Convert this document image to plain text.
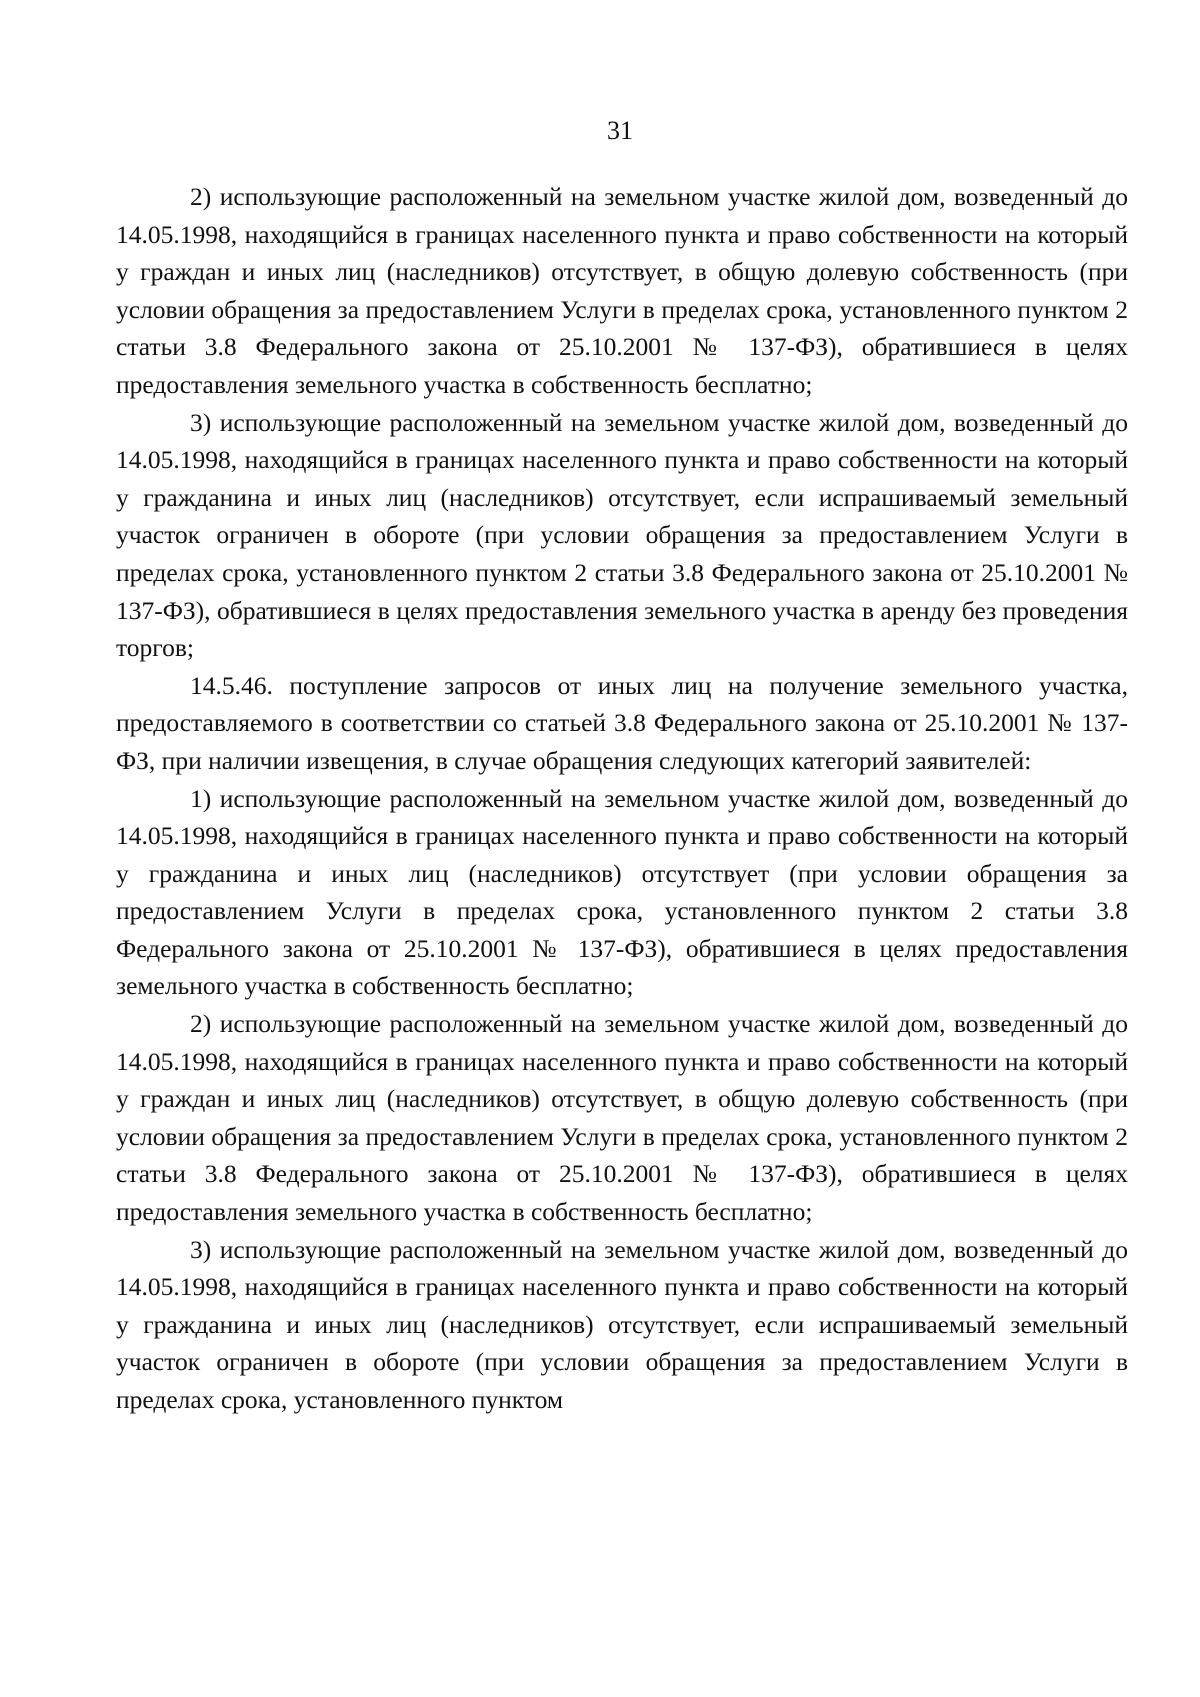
31

2) использующие расположенный на земельном участке жилой дом, возведенный до 14.05.1998, находящийся в границах населенного пункта и право собственности на который у граждан и иных лиц (наследников) отсутствует, в общую долевую собственность (при условии обращения за предоставлением Услуги в пределах срока, установленного пунктом 2 статьи 3.8 Федерального закона от 25.10.2001 № 137-ФЗ), обратившиеся в целях предоставления земельного участка в собственность бесплатно;

3) использующие расположенный на земельном участке жилой дом, возведенный до 14.05.1998, находящийся в границах населенного пункта и право собственности на который у гражданина и иных лиц (наследников) отсутствует, если испрашиваемый земельный участок ограничен в обороте (при условии обращения за предоставлением Услуги в пределах срока, установленного пунктом 2 статьи 3.8 Федерального закона от 25.10.2001 № 137-ФЗ), обратившиеся в целях предоставления земельного участка в аренду без проведения торгов;

14.5.46. поступление запросов от иных лиц на получение земельного участка, предоставляемого в соответствии со статьей 3.8 Федерального закона от 25.10.2001 № 137-ФЗ, при наличии извещения, в случае обращения следующих категорий заявителей:

1) использующие расположенный на земельном участке жилой дом, возведенный до 14.05.1998, находящийся в границах населенного пункта и право собственности на который у гражданина и иных лиц (наследников) отсутствует (при условии обращения за предоставлением Услуги в пределах срока, установленного пунктом 2 статьи 3.8 Федерального закона от 25.10.2001 № 137-ФЗ), обратившиеся в целях предоставления земельного участка в собственность бесплатно;

2) использующие расположенный на земельном участке жилой дом, возведенный до 14.05.1998, находящийся в границах населенного пункта и право собственности на который у граждан и иных лиц (наследников) отсутствует, в общую долевую собственность (при условии обращения за предоставлением Услуги в пределах срока, установленного пунктом 2 статьи 3.8 Федерального закона от 25.10.2001 № 137-ФЗ), обратившиеся в целях предоставления земельного участка в собственность бесплатно;

3) использующие расположенный на земельном участке жилой дом, возведенный до 14.05.1998, находящийся в границах населенного пункта и право собственности на который у гражданина и иных лиц (наследников) отсутствует, если испрашиваемый земельный участок ограничен в обороте (при условии обращения за предоставлением Услуги в пределах срока, установленного пунктом
